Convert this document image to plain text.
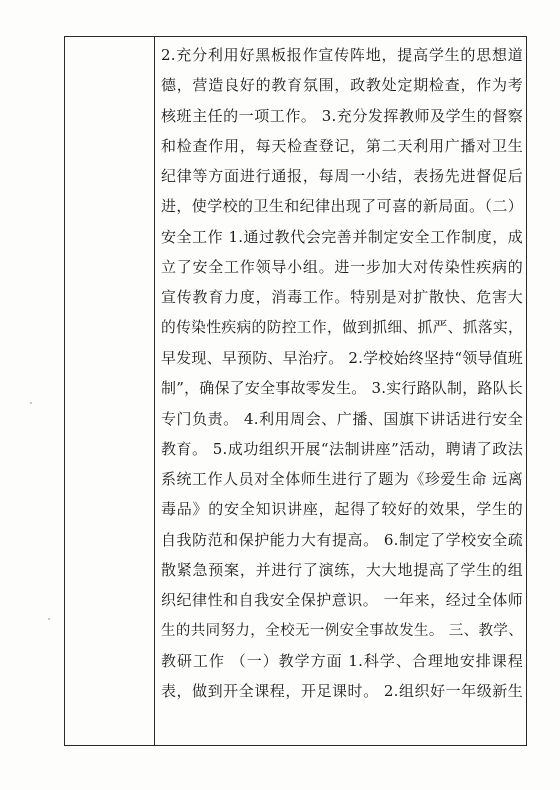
2.充分利用好黑板报作宣传阵地，提高学生的思想道
德，营造良好的教育氛围，政教处定期检查，作为考
核班主任的一项工作。 3.充分发挥教师及学生的督察
和检查作用，每天检查登记，第二天利用广播对卫生
纪律等方面进行通报，每周一小结，表扬先进督促后
进，使学校的卫生和纪律出现了可喜的新局面。（二）
安全工作 1.通过教代会完善并制定安全工作制度，成
立了安全工作领导小组。进一步加大对传染性疾病的
宣传教育力度，消毒工作。特别是对扩散快、危害大
的传染性疾病的防控工作，做到抓细、抓严、抓落实，
早发现、早预防、早治疗。 2.学校始终坚持“领导值班
制”，确保了安全事故零发生。 3.实行路队制，路队长
专门负责。 4.利用周会、广播、国旗下讲话进行安全
教育。 5.成功组织开展“法制讲座”活动，聘请了政法
系统工作人员对全体师生进行了题为《珍爱生命 远离
毒品》的安全知识讲座，起得了较好的效果，学生的
自我防范和保护能力大有提高。 6.制定了学校安全疏
散紧急预案，并进行了演练，大大地提高了学生的组
织纪律性和自我安全保护意识。 一年来，经过全体师
生的共同努力，全校无一例安全事故发生。 三、教学、
教研工作 （一）教学方面 1.科学、合理地安排课程
表，做到开全课程，开足课时。 2.组织好一年级新生
